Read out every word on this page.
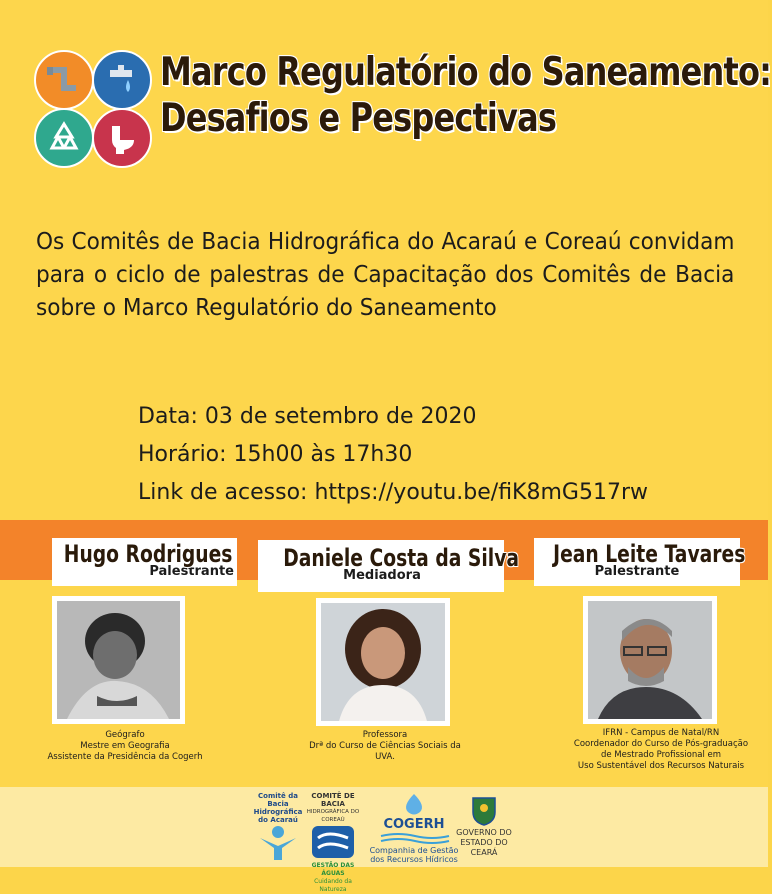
Marco Regulatório do Saneamento:
Desafios e Pespectivas
Os Comitês de Bacia Hidrográfica do Acaraú e Coreaú convidam para o ciclo de palestras de Capacitação dos Comitês de Bacia sobre o Marco Regulatório do Saneamento
Data: 03 de setembro de 2020
Horário: 15h00 às 17h30
Link de acesso: https://youtu.be/fiK8mG517rw
Hugo Rodrigues
Palestrante	Daniele Costa da Silva
Mediadora
Jean Leite Tavares
Palestrante
Geógrafo
Mestre em Geografia
Assistente da Presidência da Cogerh
Professora
Drª do Curso de Ciências Sociais da UVA.
IFRN - Campus de Natal/RN
Coordenador do Curso de Pós-graduação
de Mestrado Profissional em
Uso Sustentável dos Recursos Naturais
Comitê da Bacia
Hidrográfica
do Acaraú
COMITÊ DE BACIA
HIDROGRÁFICA DO COREAÚ
GESTÃO DAS ÁGUAS
Cuidando da Natureza
COGERH
Companhia de Gestão
dos Recursos Hídricos
GOVERNO DO
ESTADO DO CEARÁ
